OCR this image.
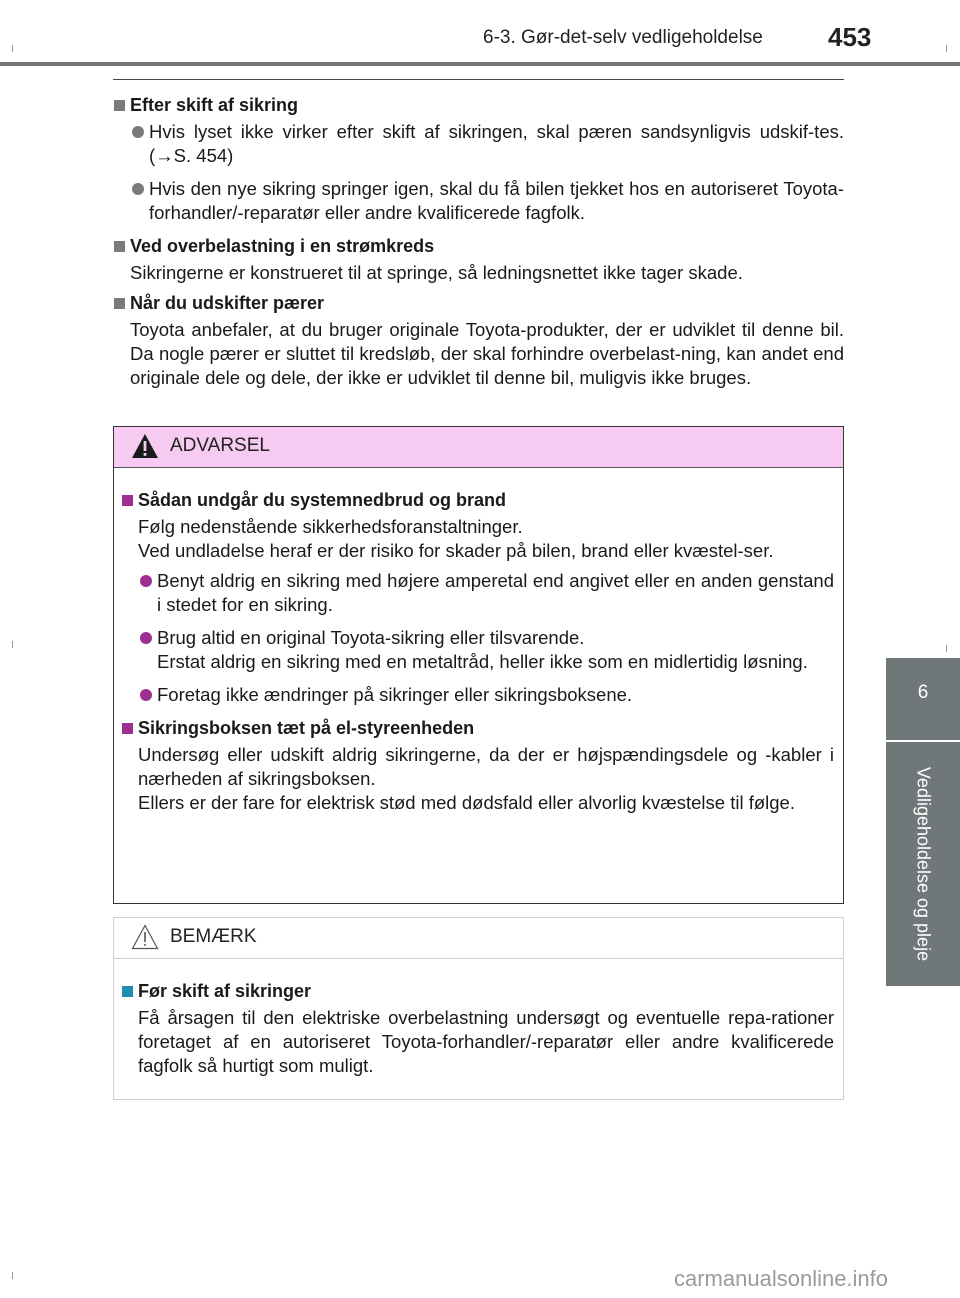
6-3. Gør-det-selv vedligeholdelse	453
6
Vedligeholdelse og pleje
Efter skift af sikring
Hvis lyset ikke virker efter skift af sikringen, skal pæren sandsynligvis udskif-tes. (→S. 454)
Hvis den nye sikring springer igen, skal du få bilen tjekket hos en autoriseret Toyota-forhandler/-reparatør eller andre kvalificerede fagfolk.
Ved overbelastning i en strømkreds
Sikringerne er konstrueret til at springe, så ledningsnettet ikke tager skade.
Når du udskifter pærer
Toyota anbefaler, at du bruger originale Toyota-produkter, der er udviklet til denne bil. Da nogle pærer er sluttet til kredsløb, der skal forhindre overbelast-ning, kan andet end originale dele og dele, der ikke er udviklet til denne bil, muligvis ikke bruges.
ADVARSEL
Sådan undgår du systemnedbrud og brand
Følg nedenstående sikkerhedsforanstaltninger.
Ved undladelse heraf er der risiko for skader på bilen, brand eller kvæstel-ser.
Benyt aldrig en sikring med højere amperetal end angivet eller en anden genstand i stedet for en sikring.
Brug altid en original Toyota-sikring eller tilsvarende.
Erstat aldrig en sikring med en metaltråd, heller ikke som en midlertidig løsning.
Foretag ikke ændringer på sikringer eller sikringsboksene.
Sikringsboksen tæt på el-styreenheden
Undersøg eller udskift aldrig sikringerne, da der er højspændingsdele og -kabler i nærheden af sikringsboksen.
Ellers er der fare for elektrisk stød med dødsfald eller alvorlig kvæstelse til følge.
BEMÆRK
Før skift af sikringer
Få årsagen til den elektriske overbelastning undersøgt og eventuelle repa-rationer foretaget af en autoriseret Toyota-forhandler/-reparatør eller andre kvalificerede fagfolk så hurtigt som muligt.
carmanualsonline.info
